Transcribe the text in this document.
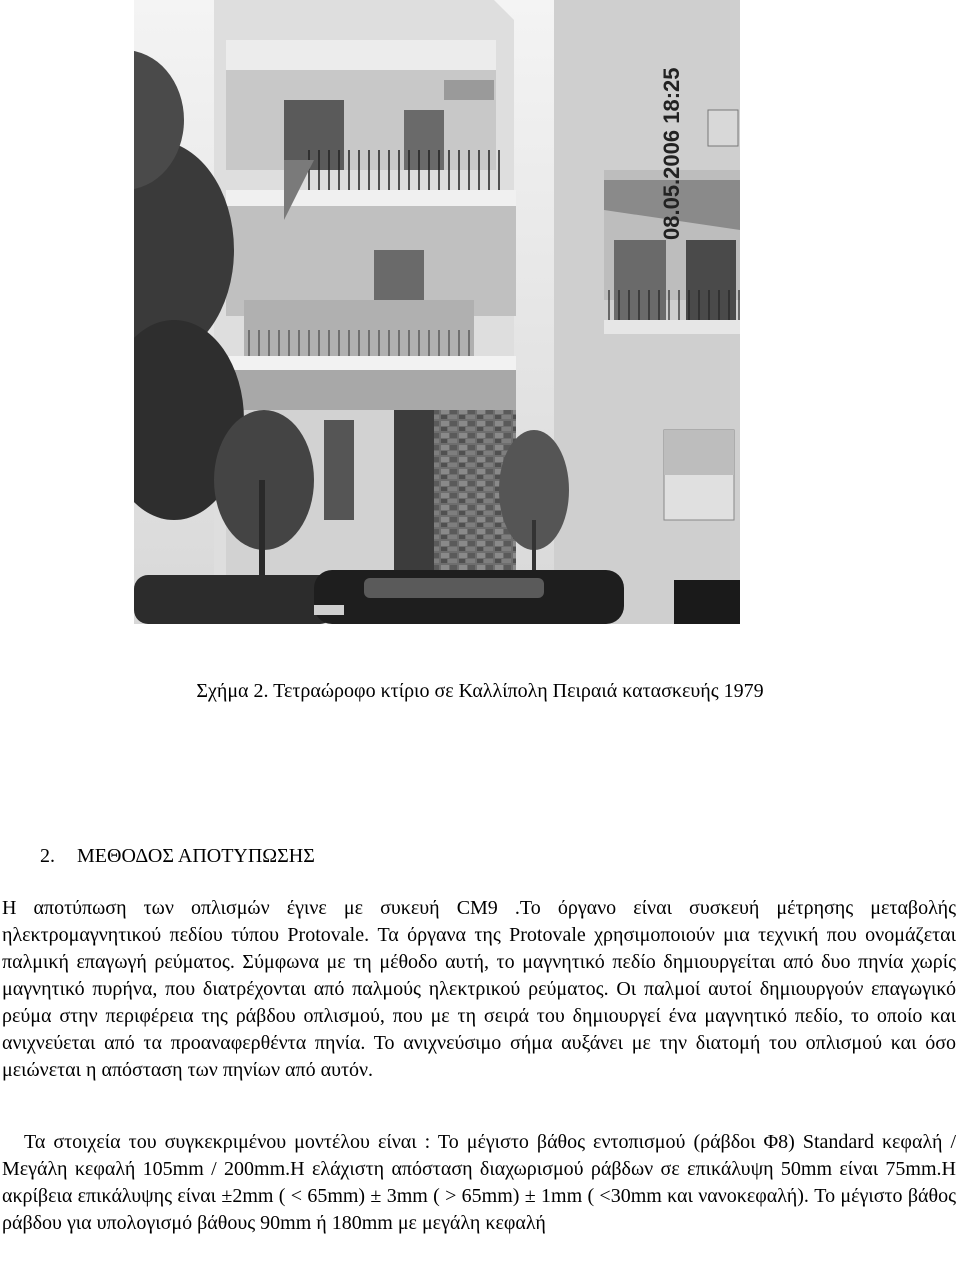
08.05.2006 18:25
Σχήμα 2. Τετραώροφο κτίριο σε Καλλίπολη Πειραιά κατασκευής 1979
2. ΜΕΘΟΔΟΣ ΑΠΟΤΥΠΩΣΗΣ

Η αποτύπωση των οπλισμών έγινε με συκευή CM9 .Το όργανο είναι συσκευή μέτρησης μεταβολής ηλεκτρομαγνητικού πεδίου τύπου Protovale. Τα όργανα της Protovale χρησιμοποιούν μια τεχνική που ονομάζεται παλμική επαγωγή ρεύματος. Σύμφωνα με τη μέθοδο αυτή, το μαγνητικό πεδίο δημιουργείται από δυο πηνία χωρίς μαγνητικό πυρήνα, που διατρέχονται από παλμούς ηλεκτρικού ρεύματος. Οι παλμοί αυτοί δημιουργούν επαγωγικό ρεύμα στην περιφέρεια της ράβδου οπλισμού, που με τη σειρά του δημιουργεί ένα μαγνητικό πεδίο, το οποίο και ανιχνεύεται από τα προαναφερθέντα πηνία. Το ανιχνεύσιμο σήμα αυξάνει με την διατομή του οπλισμού και όσο μειώνεται η απόσταση των πηνίων από αυτόν.

Τα στοιχεία του συγκεκριμένου μοντέλου είναι : Το μέγιστο βάθος εντοπισμού (ράβδοι Φ8) Standard κεφαλή /Μεγάλη κεφαλή 105mm / 200mm.Η ελάχιστη απόσταση διαχωρισμού ράβδων σε επικάλυψη 50mm είναι 75mm.Η ακρίβεια επικάλυψης είναι ±2mm ( < 65mm) ± 3mm ( > 65mm) ± 1mm ( <30mm και νανοκεφαλή). Το μέγιστο βάθος ράβδου για υπολογισμό βάθους 90mm ή 180mm με μεγάλη κεφαλή
